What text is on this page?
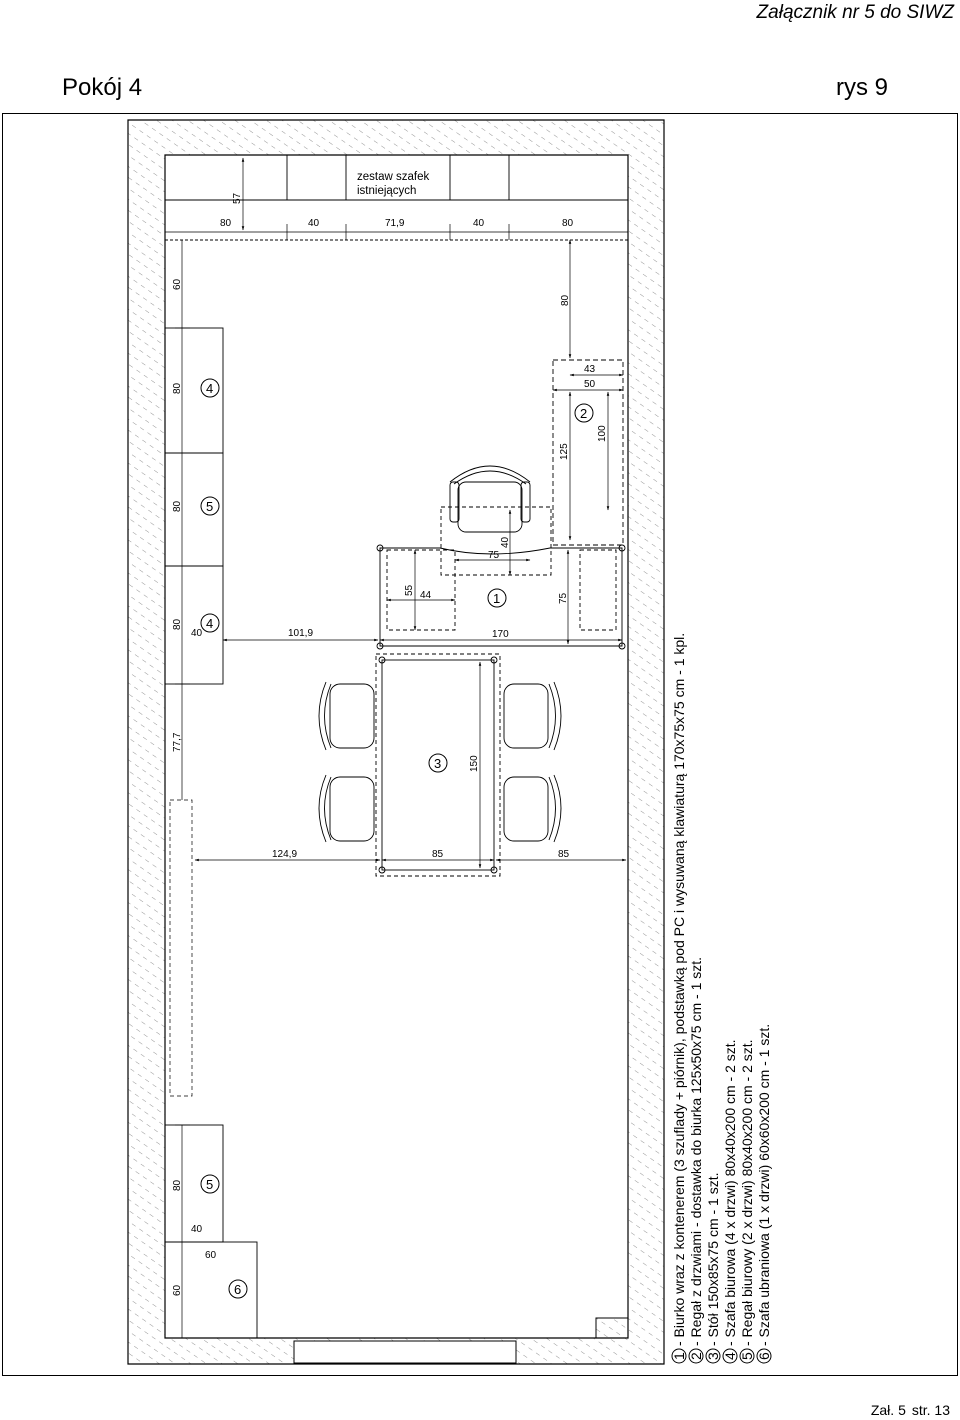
Załącznik nr 5 do SIWZ
Pokój 4	rys 9
zestaw szafek
istniejących
57
80	40	71,9	40	80
60
80
80
80
77,7
80
60
4
5
4
40
5
6
40
60
80
43
50
100
125
2
40
75
55 44	75
170
101,9
1
150
124,9	85	85
3
1
- Biurko wraz z kontenerem (3 szuflady + piórnik), podstawką pod PC i wysuwaną klawiaturą 170x75x75 cm - 1 kpl.
2
- Regał z drzwiami - dostawka do biurka 125x50x75 cm - 1 szt.
3
- Stół 150x85x75 cm - 1 szt.
4
- Szafa biurowa (4 x drzwi) 80x40x200 cm - 2 szt.
5
- Regał biurowy (2 x drzwi) 80x40x200 cm - 2 szt.
6
- Szafa ubraniowa (1 x drzwi) 60x60x200 cm - 1 szt.
Zał. 5 str. 13
